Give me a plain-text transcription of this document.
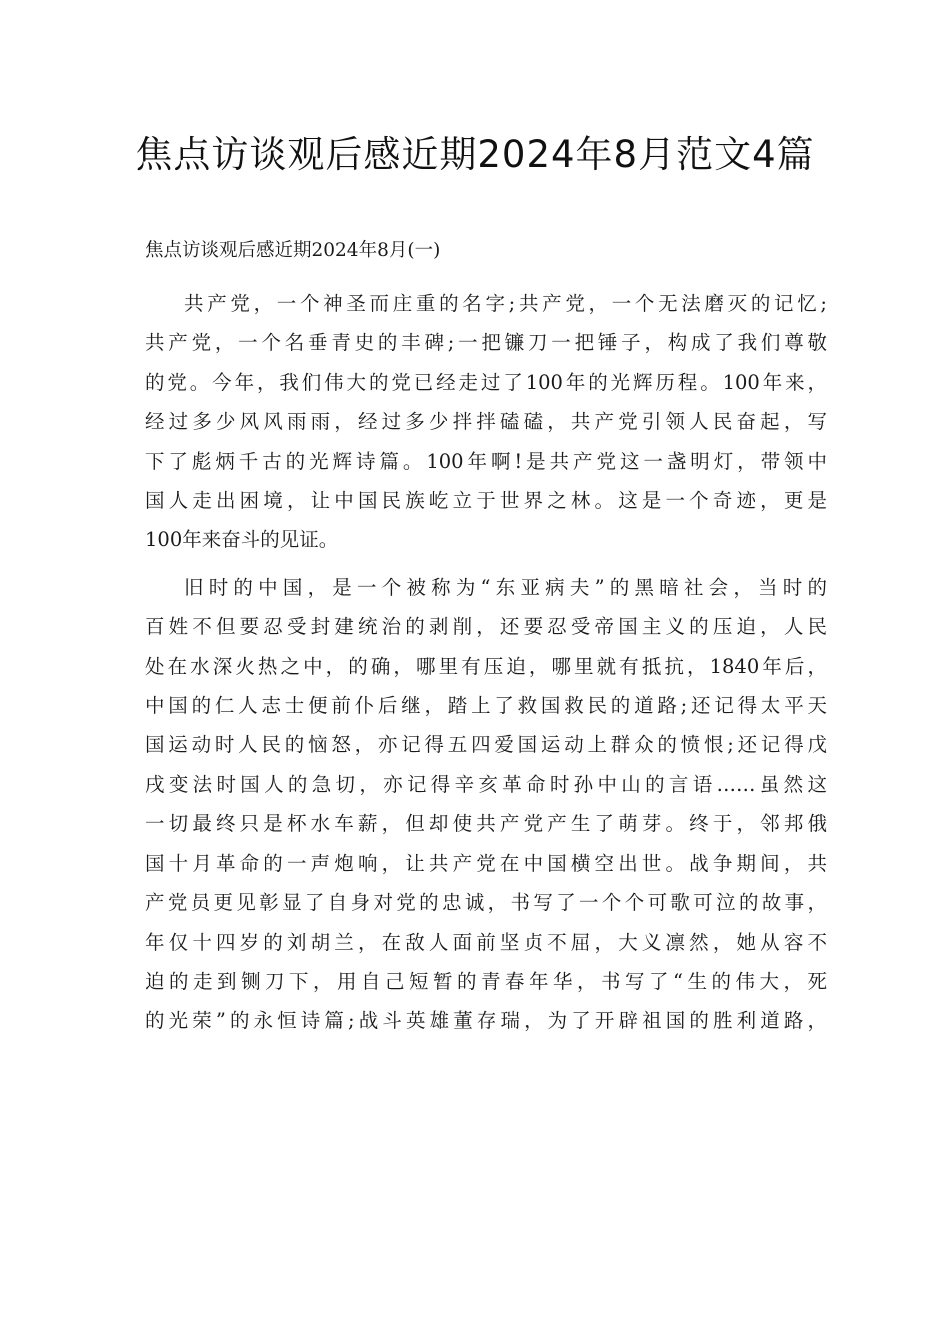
焦点访谈观后感近期2024年8月范文4篇

焦点访谈观后感近期2024年8月(一)

共产党，一个神圣而庄重的名字;共产党，一个无法磨灭的记忆;
共产党，一个名垂青史的丰碑;一把镰刀一把锤子，构成了我们尊敬
的党。今年，我们伟大的党已经走过了100年的光辉历程。100年来，
经过多少风风雨雨，经过多少拌拌磕磕，共产党引领人民奋起，写
下了彪炳千古的光辉诗篇。100年啊!是共产党这一盏明灯，带领中
国人走出困境，让中国民族屹立于世界之林。这是一个奇迹，更是
100年来奋斗的见证。

旧时的中国，是一个被称为“东亚病夫”的黑暗社会，当时的
百姓不但要忍受封建统治的剥削，还要忍受帝国主义的压迫，人民
处在水深火热之中，的确，哪里有压迫，哪里就有抵抗，1840年后，
中国的仁人志士便前仆后继，踏上了救国救民的道路;还记得太平天
国运动时人民的恼怒，亦记得五四爱国运动上群众的愤恨;还记得戊
戌变法时国人的急切，亦记得辛亥革命时孙中山的言语……虽然这
一切最终只是杯水车薪，但却使共产党产生了萌芽。终于，邻邦俄
国十月革命的一声炮响，让共产党在中国横空出世。战争期间，共
产党员更见彰显了自身对党的忠诚，书写了一个个可歌可泣的故事，
年仅十四岁的刘胡兰，在敌人面前坚贞不屈，大义凛然，她从容不
迫的走到铡刀下，用自己短暂的青春年华，书写了“生的伟大，死
的光荣”的永恒诗篇;战斗英雄董存瑞，为了开辟祖国的胜利道路，
